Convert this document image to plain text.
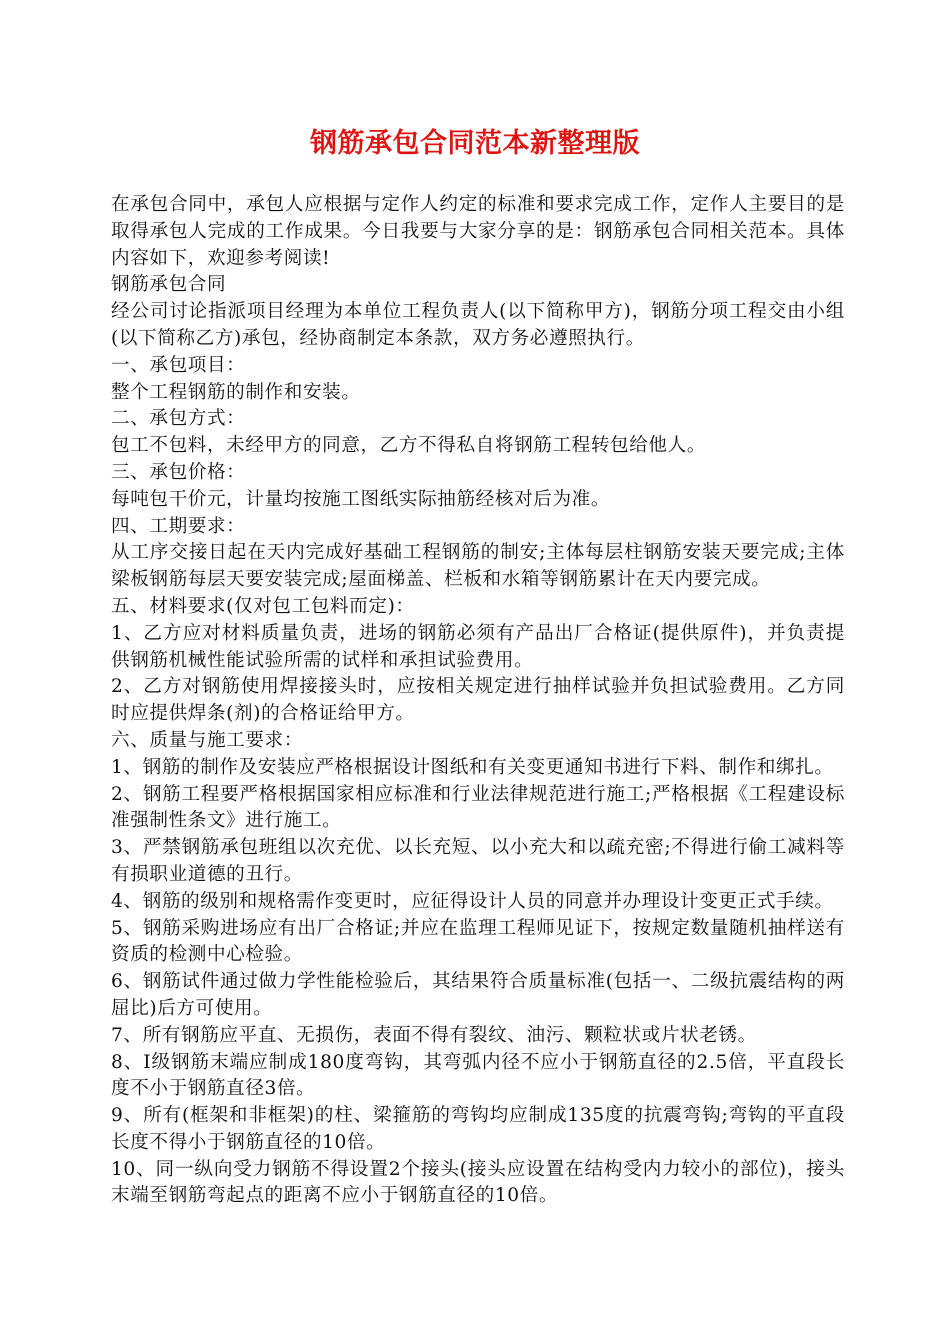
钢筋承包合同范本新整理版

在承包合同中，承包人应根据与定作人约定的标准和要求完成工作，定作人主要目的是取得承包人完成的工作成果。今日我要与大家分享的是：钢筋承包合同相关范本。具体内容如下，欢迎参考阅读!

钢筋承包合同

经公司讨论指派项目经理为本单位工程负责人(以下简称甲方)，钢筋分项工程交由小组(以下简称乙方)承包，经协商制定本条款，双方务必遵照执行。

一、承包项目：

整个工程钢筋的制作和安装。

二、承包方式：

包工不包料，未经甲方的同意，乙方不得私自将钢筋工程转包给他人。

三、承包价格：

每吨包干价元，计量均按施工图纸实际抽筋经核对后为准。

四、工期要求：

从工序交接日起在天内完成好基础工程钢筋的制安;主体每层柱钢筋安装天要完成;主体梁板钢筋每层天要安装完成;屋面梯盖、栏板和水箱等钢筋累计在天内要完成。

五、材料要求(仅对包工包料而定)：

1、乙方应对材料质量负责，进场的钢筋必须有产品出厂合格证(提供原件)，并负责提供钢筋机械性能试验所需的试样和承担试验费用。

2、乙方对钢筋使用焊接接头时，应按相关规定进行抽样试验并负担试验费用。乙方同时应提供焊条(剂)的合格证给甲方。

六、质量与施工要求：

1、钢筋的制作及安装应严格根据设计图纸和有关变更通知书进行下料、制作和绑扎。

2、钢筋工程要严格根据国家相应标准和行业法律规范进行施工;严格根据《工程建设标准强制性条文》进行施工。

3、严禁钢筋承包班组以次充优、以长充短、以小充大和以疏充密;不得进行偷工减料等有损职业道德的丑行。

4、钢筋的级别和规格需作变更时，应征得设计人员的同意并办理设计变更正式手续。

5、钢筋采购进场应有出厂合格证;并应在监理工程师见证下，按规定数量随机抽样送有资质的检测中心检验。

6、钢筋试件通过做力学性能检验后，其结果符合质量标准(包括一、二级抗震结构的两屈比)后方可使用。

7、所有钢筋应平直、无损伤，表面不得有裂纹、油污、颗粒状或片状老锈。

8、Ⅰ级钢筋末端应制成180度弯钩，其弯弧内径不应小于钢筋直径的2.5倍，平直段长度不小于钢筋直径3倍。

9、所有(框架和非框架)的柱、梁箍筋的弯钩均应制成135度的抗震弯钩;弯钩的平直段长度不得小于钢筋直径的10倍。

10、同一纵向受力钢筋不得设置2个接头(接头应设置在结构受内力较小的部位)，接头末端至钢筋弯起点的距离不应小于钢筋直径的10倍。
